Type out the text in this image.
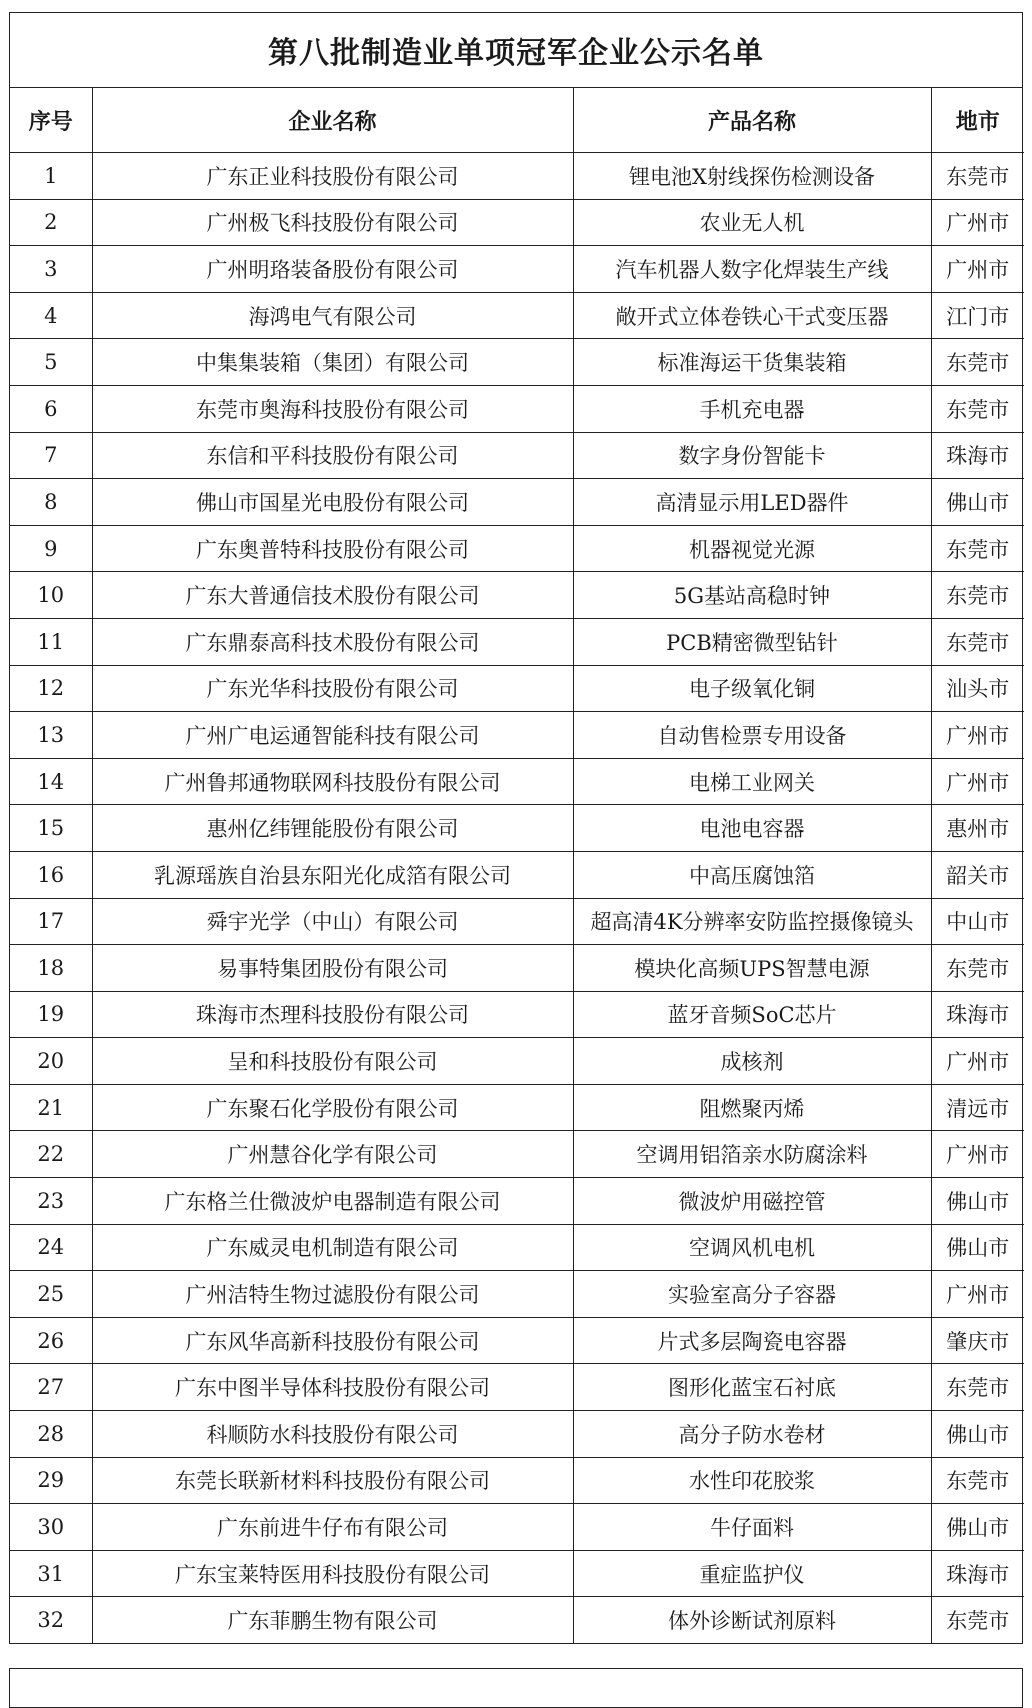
第八批制造业单项冠军企业公示名单
序号	企业名称	产品名称	地市
1	广东正业科技股份有限公司	锂电池X射线探伤检测设备	东莞市
2	广州极飞科技股份有限公司	农业无人机	广州市
3	广州明珞装备股份有限公司	汽车机器人数字化焊装生产线	广州市
4	海鸿电气有限公司	敞开式立体卷铁心干式变压器	江门市
5	中集集装箱（集团）有限公司	标准海运干货集装箱	东莞市
6	东莞市奥海科技股份有限公司	手机充电器	东莞市
7	东信和平科技股份有限公司	数字身份智能卡	珠海市
8	佛山市国星光电股份有限公司	高清显示用LED器件	佛山市
9	广东奥普特科技股份有限公司	机器视觉光源	东莞市
10	广东大普通信技术股份有限公司	5G基站高稳时钟	东莞市
11	广东鼎泰高科技术股份有限公司	PCB精密微型钻针	东莞市
12	广东光华科技股份有限公司	电子级氧化铜	汕头市
13	广州广电运通智能科技有限公司	自动售检票专用设备	广州市
14	广州鲁邦通物联网科技股份有限公司	电梯工业网关	广州市
15	惠州亿纬锂能股份有限公司	电池电容器	惠州市
16	乳源瑶族自治县东阳光化成箔有限公司	中高压腐蚀箔	韶关市
17	舜宇光学（中山）有限公司	超高清4K分辨率安防监控摄像镜头	中山市
18	易事特集团股份有限公司	模块化高频UPS智慧电源	东莞市
19	珠海市杰理科技股份有限公司	蓝牙音频SoC芯片	珠海市
20	呈和科技股份有限公司	成核剂	广州市
21	广东聚石化学股份有限公司	阻燃聚丙烯	清远市
22	广州慧谷化学有限公司	空调用铝箔亲水防腐涂料	广州市
23	广东格兰仕微波炉电器制造有限公司	微波炉用磁控管	佛山市
24	广东威灵电机制造有限公司	空调风机电机	佛山市
25	广州洁特生物过滤股份有限公司	实验室高分子容器	广州市
26	广东风华高新科技股份有限公司	片式多层陶瓷电容器	肇庆市
27	广东中图半导体科技股份有限公司	图形化蓝宝石衬底	东莞市
28	科顺防水科技股份有限公司	高分子防水卷材	佛山市
29	东莞长联新材料科技股份有限公司	水性印花胶浆	东莞市
30	广东前进牛仔布有限公司	牛仔面料	佛山市
31	广东宝莱特医用科技股份有限公司	重症监护仪	珠海市
32	广东菲鹏生物有限公司	体外诊断试剂原料	东莞市
